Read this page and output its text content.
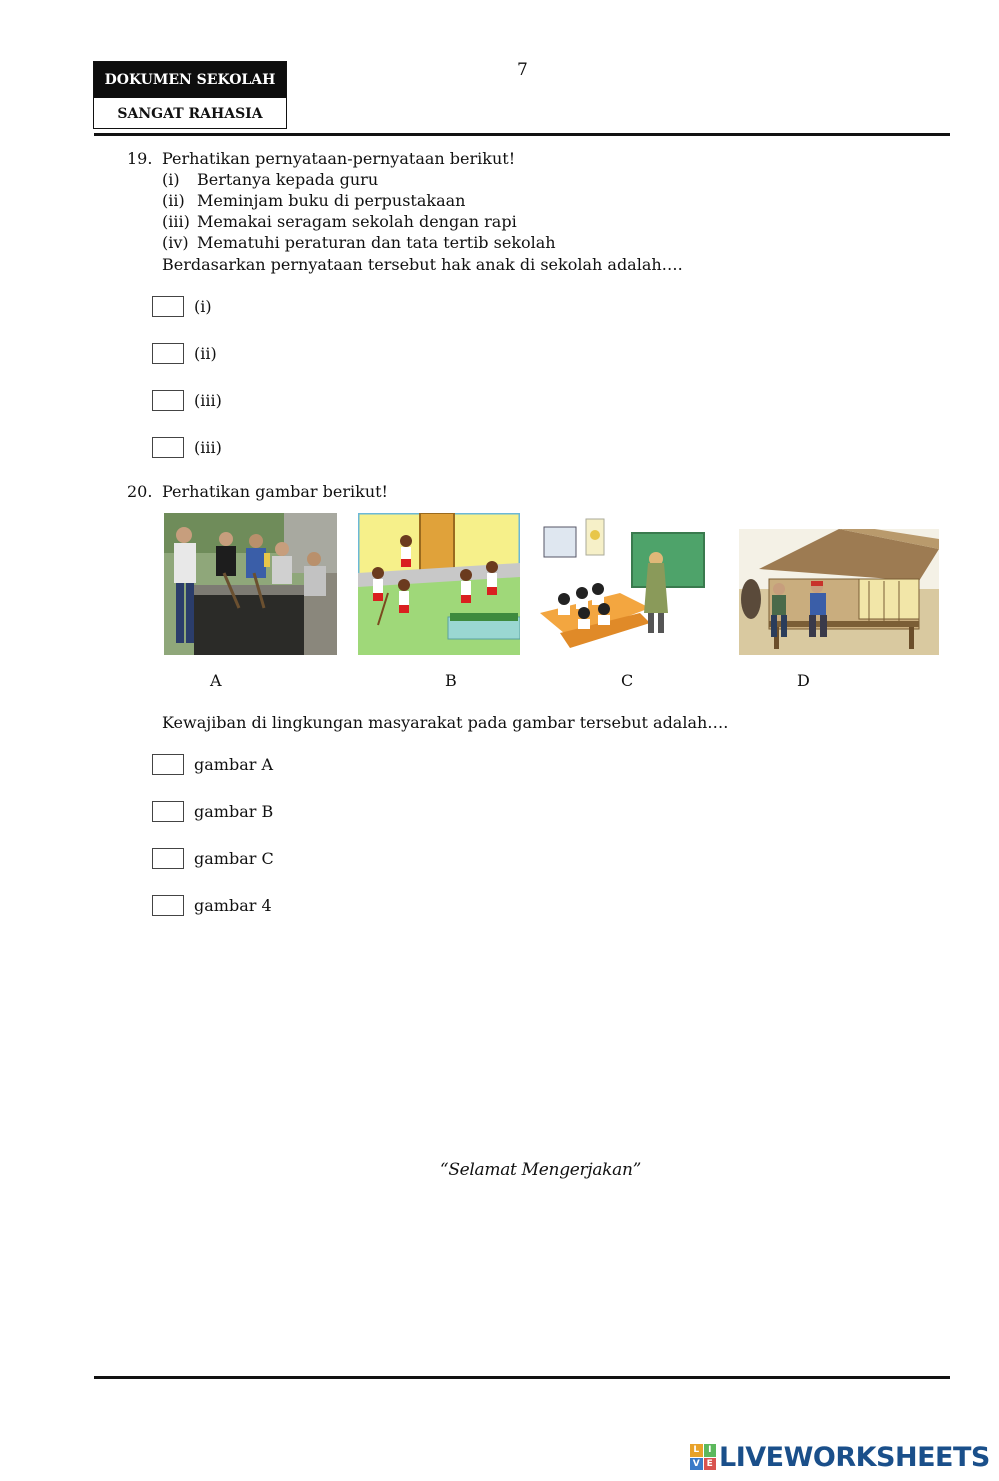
DOKUMEN SEKOLAH
SANGAT RAHASIA
7
19. Perhatikan pernyataan-pernyataan berikut!
(i)	Bertanya kepada guru
(ii) Meminjam buku di perpustakaan
(iii) Memakai seragam sekolah dengan rapi
(iv) Mematuhi peraturan dan tata tertib sekolah
Berdasarkan pernyataan tersebut hak anak di sekolah adalah….
(i)
(ii)
(iii)
(iii)
20. Perhatikan gambar berikut!
A	B	C	D
Kewajiban di lingkungan masyarakat pada gambar tersebut adalah….
gambar A
gambar B
gambar C
gambar 4
“Selamat Mengerjakan”
L I
V E LIVEWORKSHEETS
